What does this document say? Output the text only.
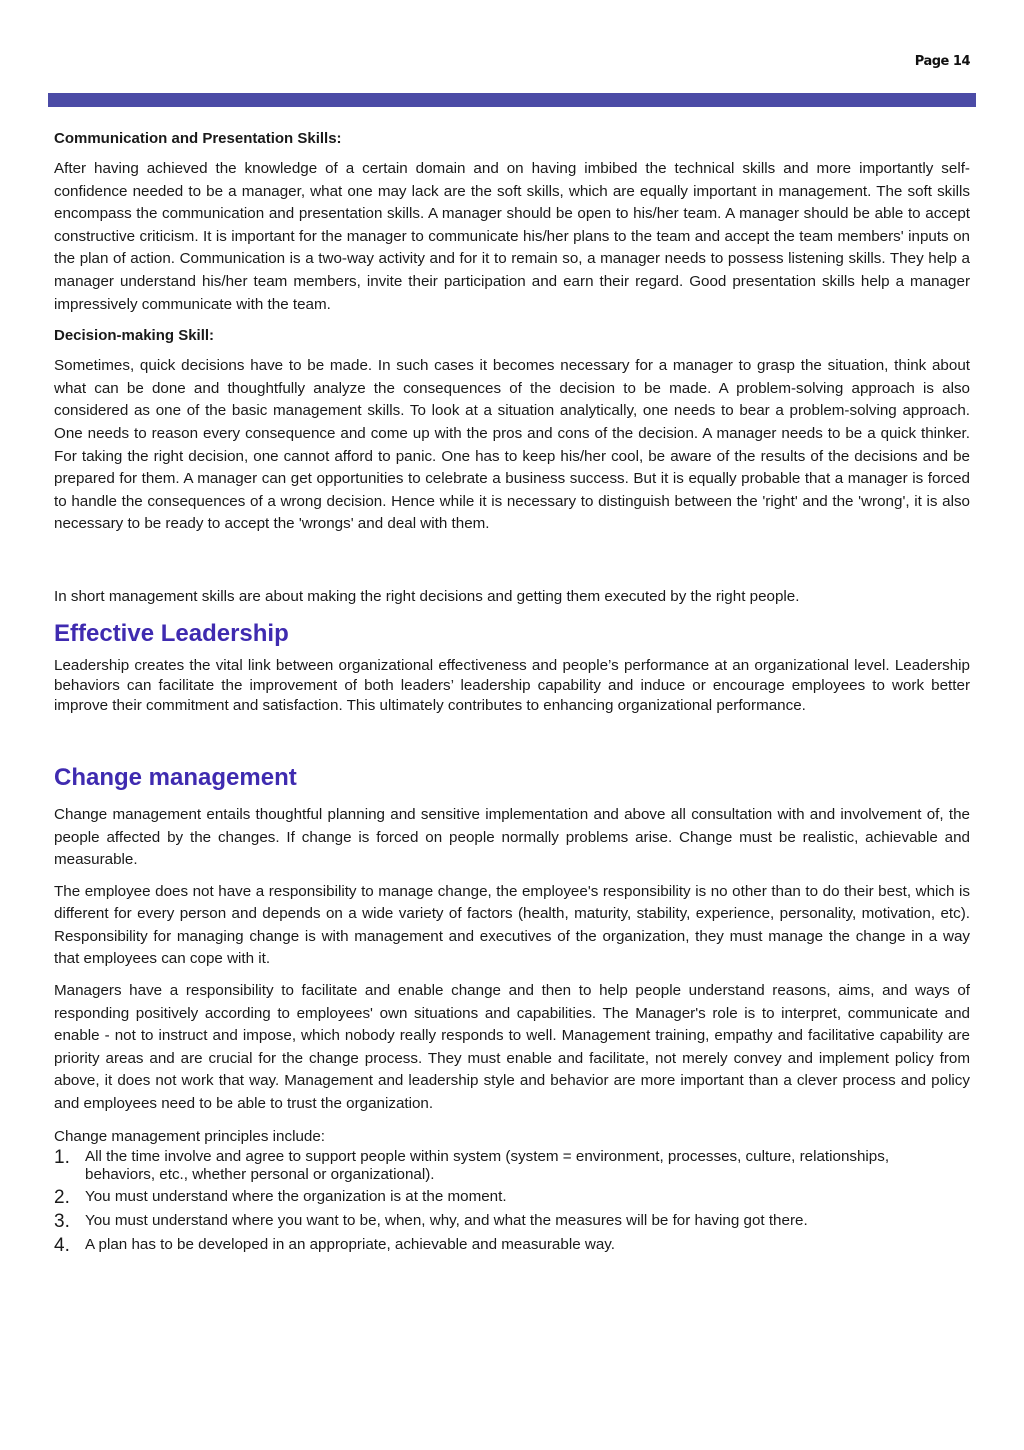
Page 14

Communication and Presentation Skills:

After having achieved the knowledge of a certain domain and on having imbibed the technical skills and more importantly self-confidence needed to be a manager, what one may lack are the soft skills, which are equally important in management. The soft skills encompass the communication and presentation skills. A manager should be open to his/her team. A manager should be able to accept constructive criticism. It is important for the manager to communicate his/her plans to the team and accept the team members' inputs on the plan of action. Communication is a two-way activity and for it to remain so, a manager needs to possess listening skills. They help a manager understand his/her team members, invite their participation and earn their regard. Good presentation skills help a manager impressively communicate with the team.

Decision-making Skill:

Sometimes, quick decisions have to be made. In such cases it becomes necessary for a manager to grasp the situation, think about what can be done and thoughtfully analyze the consequences of the decision to be made. A problem-solving approach is also considered as one of the basic management skills. To look at a situation analytically, one needs to bear a problem-solving approach. One needs to reason every consequence and come up with the pros and cons of the decision. A manager needs to be a quick thinker. For taking the right decision, one cannot afford to panic. One has to keep his/her cool, be aware of the results of the decisions and be prepared for them. A manager can get opportunities to celebrate a business success. But it is equally probable that a manager is forced to handle the consequences of a wrong decision. Hence while it is necessary to distinguish between the 'right' and the 'wrong', it is also necessary to be ready to accept the 'wrongs' and deal with them.

In short management skills are about making the right decisions and getting them executed by the right people.

Effective Leadership

Leadership creates the vital link between organizational effectiveness and people’s performance at an organizational level. Leadership behaviors can facilitate the improvement of both leaders’ leadership capability and induce or encourage employees to work better improve their commitment and satisfaction. This ultimately contributes to enhancing organizational performance.

Change management

Change management entails thoughtful planning and sensitive implementation and above all consultation with and involvement of, the people affected by the changes. If change is forced on people normally problems arise. Change must be realistic, achievable and measurable.

The employee does not have a responsibility to manage change, the employee's responsibility is no other than to do their best, which is different for every person and depends on a wide variety of factors (health, maturity, stability, experience, personality, motivation, etc). Responsibility for managing change is with management and executives of the organization, they must manage the change in a way that employees can cope with it.

Managers have a responsibility to facilitate and enable change and then to help people understand reasons, aims, and ways of responding positively according to employees' own situations and capabilities. The Manager's role is to interpret, communicate and enable - not to instruct and impose, which nobody really responds to well. Management training, empathy and facilitative capability are priority areas and are crucial for the change process. They must enable and facilitate, not merely convey and implement policy from above, it does not work that way. Management and leadership style and behavior are more important than a clever process and policy and employees need to be able to trust the organization.

Change management principles include:

1. All the time involve and agree to support people within system (system = environment, processes, culture, relationships, behaviors, etc., whether personal or organizational).
2. You must understand where the organization is at the moment.
3. You must understand where you want to be, when, why, and what the measures will be for having got there.
4. A plan has to be developed in an appropriate, achievable and measurable way.
